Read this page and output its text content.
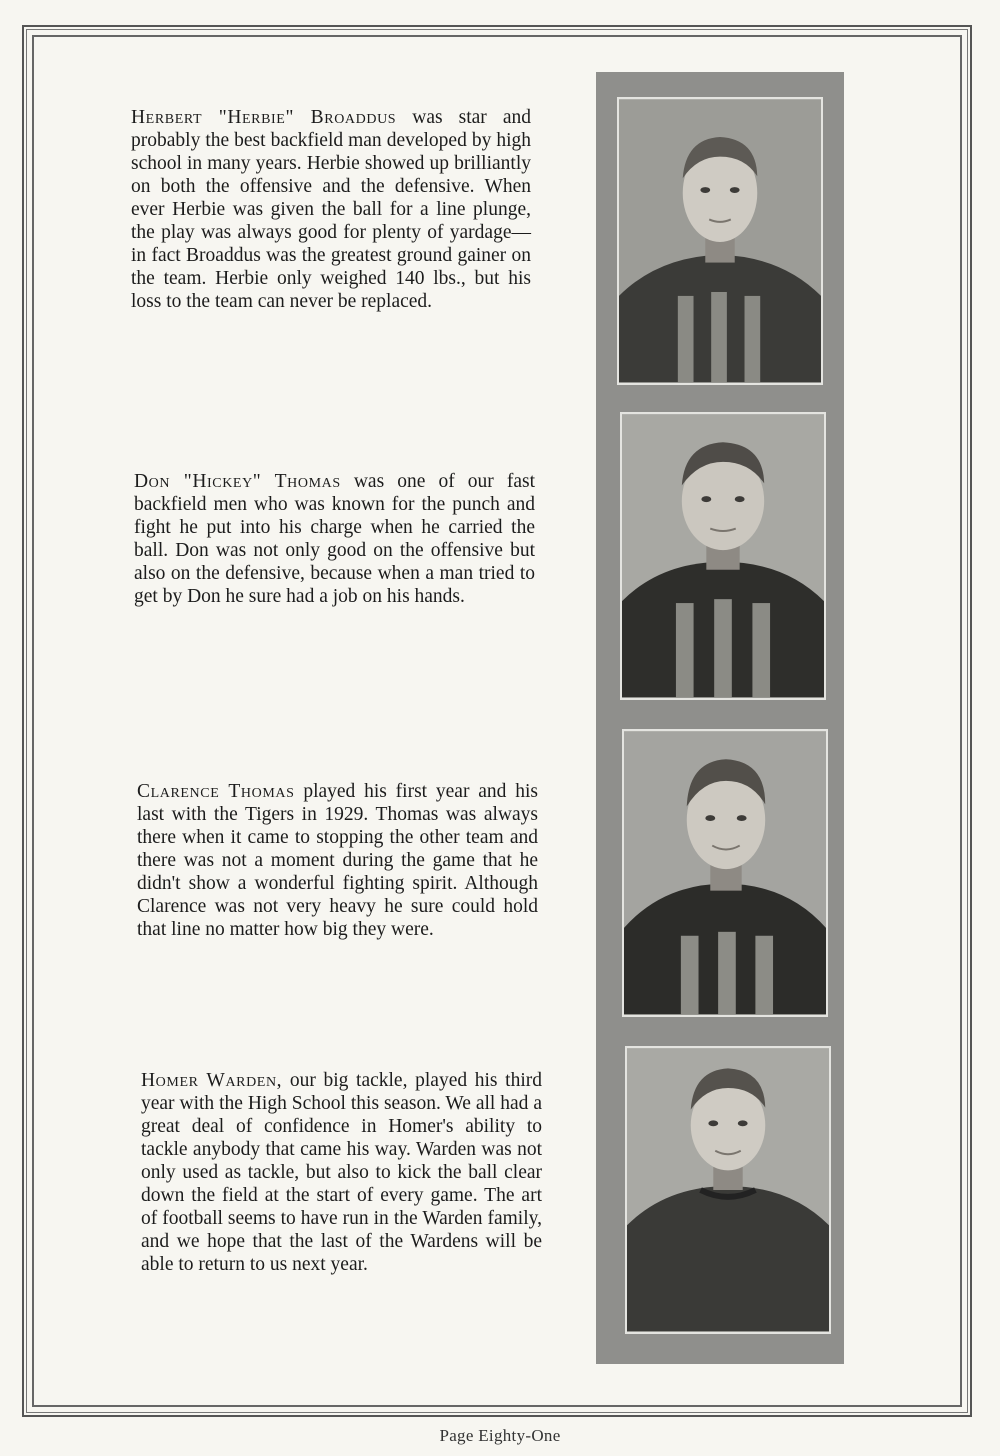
Herbert "Herbie" Broaddus was star and probably the best backfield man developed by high school in many years. Herbie showed up brilliantly on both the offensive and the defensive. When ever Herbie was given the ball for a line plunge, the play was always good for plenty of yardage—in fact Broaddus was the greatest ground gainer on the team. Herbie only weighed 140 lbs., but his loss to the team can never be replaced.
Don "Hickey" Thomas was one of our fast backfield men who was known for the punch and fight he put into his charge when he carried the ball. Don was not only good on the offensive but also on the defensive, because when a man tried to get by Don he sure had a job on his hands.
Clarence Thomas played his first year and his last with the Tigers in 1929. Thomas was always there when it came to stopping the other team and there was not a moment during the game that he didn't show a wonderful fighting spirit. Although Clarence was not very heavy he sure could hold that line no matter how big they were.
Homer Warden, our big tackle, played his third year with the High School this season. We all had a great deal of confidence in Homer's ability to tackle anybody that came his way. Warden was not only used as tackle, but also to kick the ball clear down the field at the start of every game. The art of football seems to have run in the Warden family, and we hope that the last of the Wardens will be able to return to us next year.
Page Eighty-One
